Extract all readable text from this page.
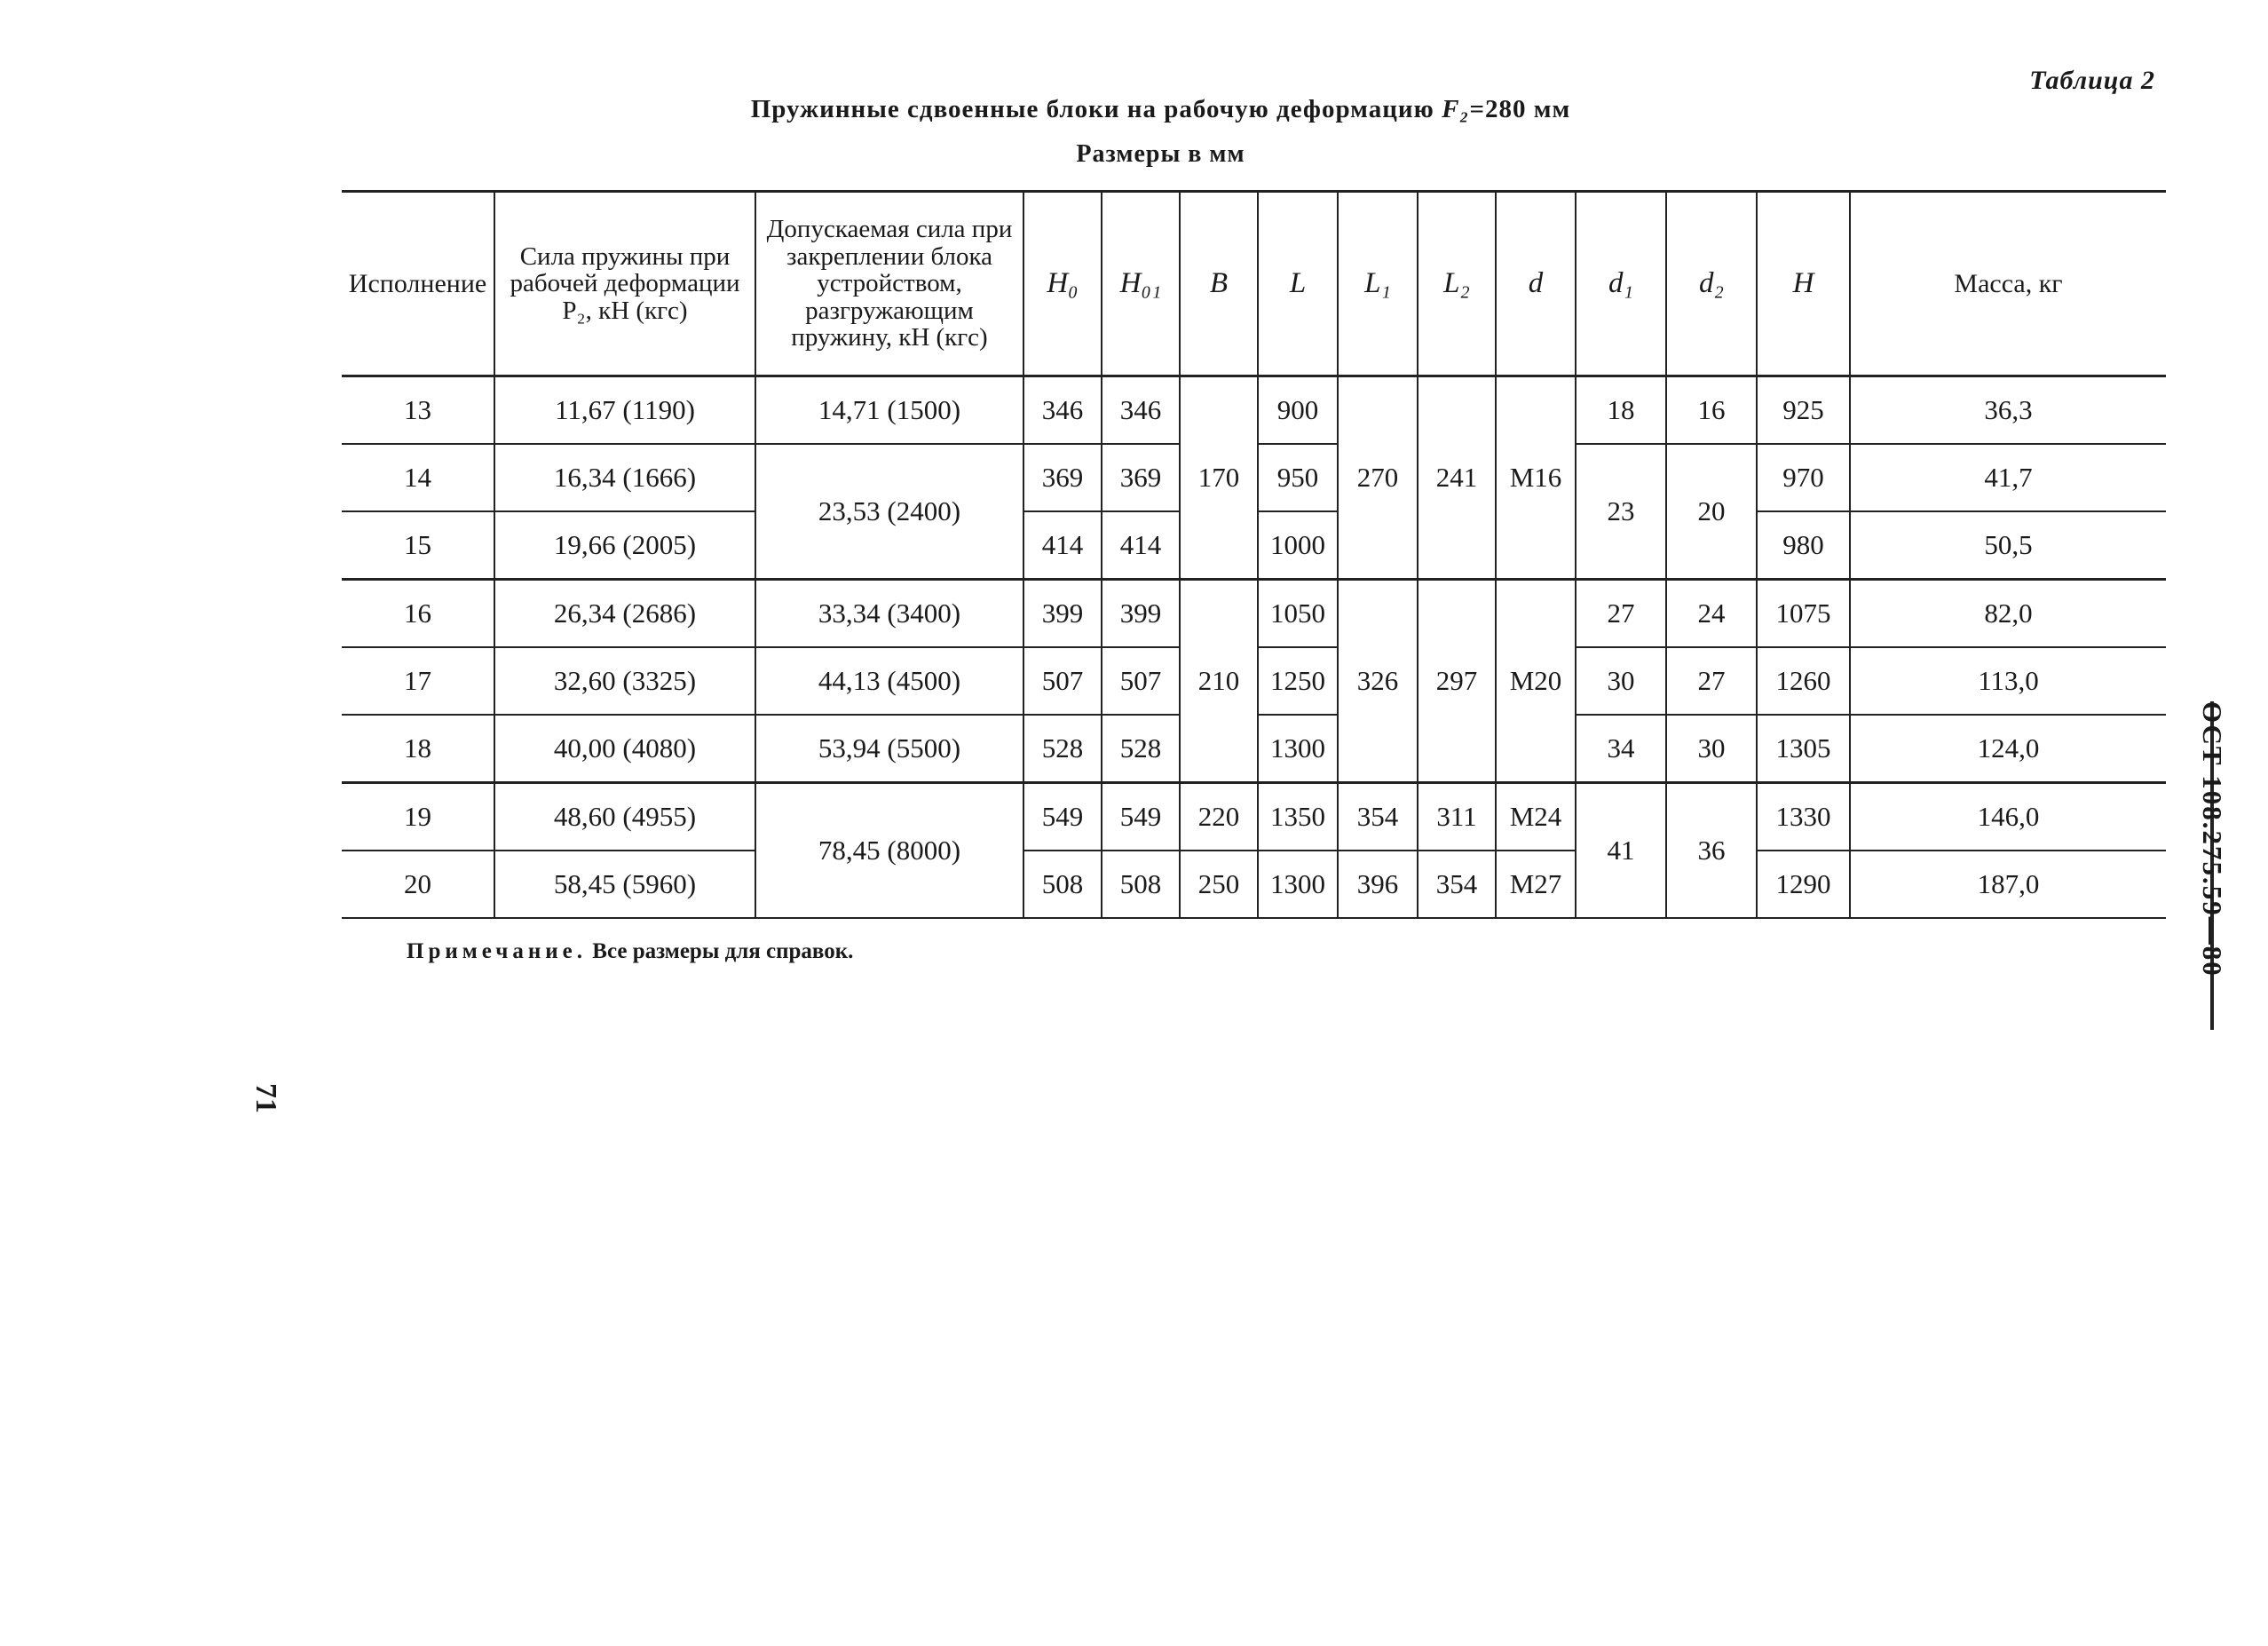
Таблица 2
Пружинные сдвоенные блоки на рабочую деформацию F₂=280 мм
Размеры в мм
Исполнение	Сила пружины при рабочей деформации P₂, кН (кгс)	Допускаемая сила при закреплении блока устройством, разгружающим пружину, кН (кгс)	H₀	H₀₁	B	L	L₁	L₂	d	d₁	d₂	H	Масса, кг
13	11,67 (1190)	14,71 (1500)	346	346	170	900	270	241	M16	18	16	925	36,3
14	16,34 (1666)	23,53 (2400)	369	369		950				23	20	970	41,7
15	19,66 (2005)		414	414		1000						980	50,5
16	26,34 (2686)	33,34 (3400)	399	399	210	1050	326	297	M20	27	24	1075	82,0
17	32,60 (3325)	44,13 (4500)	507	507		1250				30	27	1260	113,0
18	40,00 (4080)	53,94 (5500)	528	528		1300				34	30	1305	124,0
19	48,60 (4955)	78,45 (8000)	549	549	220	1350	354	311	M24	41	36	1330	146,0
20	58,45 (5960)		508	508	250	1300	396	354	M27			1290	187,0
Примечание. Все размеры для справок.
71
ОСТ 108.275.59—80
